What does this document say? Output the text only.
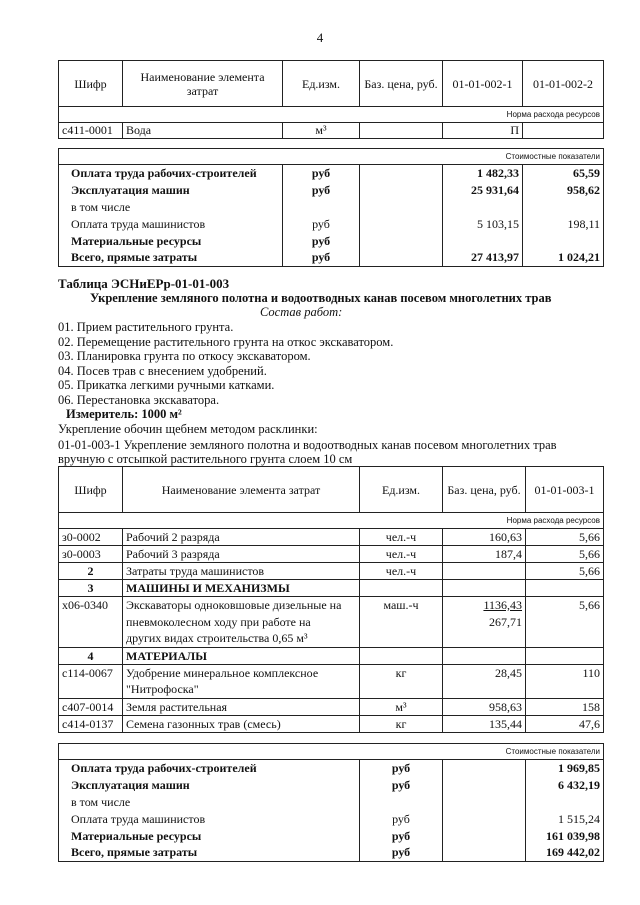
4
Шифр	Наименование элемента затрат	Ед.изм.	Баз. цена, руб.	01-01-002-1	01-01-002-2
Норма расхода ресурсов					
с411-0001	Вода	м³		П	

Стоимостные показатели					
Оплата труда рабочих-строителей		руб		1 482,33	65,59
Эксплуатация машин		руб		25 931,64	958,62
в том числе					
Оплата труда машинистов		руб		5 103,15	198,11
Материальные ресурсы		руб			
Всего, прямые затраты		руб		27 413,97	1 024,21
Таблица ЭСНиЕРр-01-01-003
Укрепление земляного полотна и водоотводных канав посевом многолетних трав
Состав работ:
01. Прием растительного грунта.
02. Перемещение растительного грунта на откос экскаватором.
03. Планировка грунта по откосу экскаватором.
04. Посев трав с внесением удобрений.
05. Прикатка легкими ручными катками.
06. Перестановка экскаватора.
Измеритель: 1000 м²
Укрепление обочин щебнем методом расклинки:
01-01-003-1 Укрепление земляного полотна и водоотводных канав посевом многолетних трав
вручную с отсыпкой растительного грунта слоем 10 см
Шифр	Наименование элемента затрат	Ед.изм.	Баз. цена, руб.	01-01-003-1
Норма расхода ресурсов				
з0-0002	Рабочий 2 разряда	чел.-ч	160,63	5,66
з0-0003	Рабочий 3 разряда	чел.-ч	187,4	5,66
2	Затраты труда машинистов	чел.-ч		5,66
3	МАШИНЫ И МЕХАНИЗМЫ			
х06-0340	Экскаваторы одноковшовые дизельные на	маш.-ч	1136,43	5,66
	пневмоколесном ходу при работе на		267,71	
	других видах строительства 0,65 м³			
4	МАТЕРИАЛЫ			
с114-0067	Удобрение минеральное комплексное	кг	28,45	110
	"Нитрофоска"			
с407-0014	Земля растительная	м³	958,63	158
с414-0137	Семена газонных трав (смесь)	кг	135,44	47,6

Стоимостные показатели				
Оплата труда рабочих-строителей		руб		1 969,85
Эксплуатация машин		руб		6 432,19
в том числе				
Оплата труда машинистов		руб		1 515,24
Материальные ресурсы		руб		161 039,98
Всего, прямые затраты		руб		169 442,02
